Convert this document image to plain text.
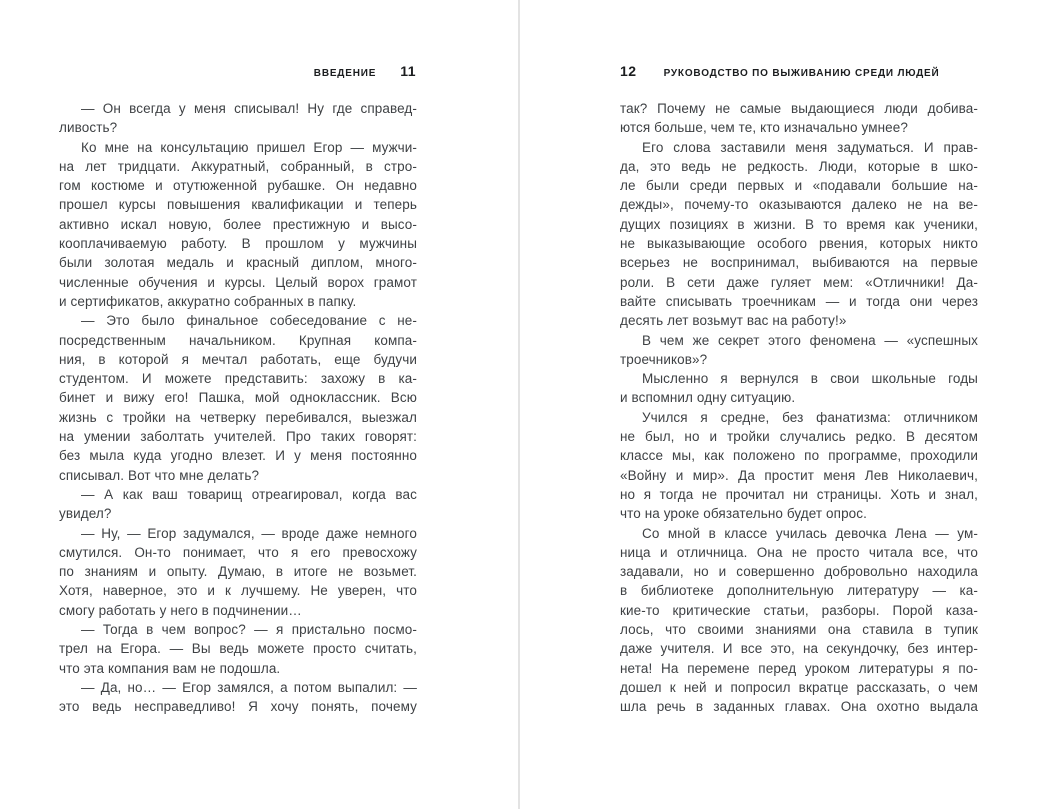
ВВЕДЕНИЕ 11
— Он всегда у меня списывал! Ну где справед-
ливость?
Ко мне на консультацию пришел Егор — мужчи-
на лет тридцати. Аккуратный, собранный, в стро-
гом костюме и отутюженной рубашке. Он недавно
прошел курсы повышения квалификации и теперь
активно искал новую, более престижную и высо-
кооплачиваемую работу. В прошлом у мужчины
были золотая медаль и красный диплом, много-
численные обучения и курсы. Целый ворох грамот
и сертификатов, аккуратно собранных в папку.
— Это было финальное собеседование с не-
посредственным начальником. Крупная компа-
ния, в которой я мечтал работать, еще будучи
студентом. И можете представить: захожу в ка-
бинет и вижу его! Пашка, мой одноклассник. Всю
жизнь с тройки на четверку перебивался, выезжал
на умении заболтать учителей. Про таких говорят:
без мыла куда угодно влезет. И у меня постоянно
списывал. Вот что мне делать?
— А как ваш товарищ отреагировал, когда вас
увидел?
— Ну, — Егор задумался, — вроде даже немного
смутился. Он-то понимает, что я его превосхожу
по знаниям и опыту. Думаю, в итоге не возьмет.
Хотя, наверное, это и к лучшему. Не уверен, что
смогу работать у него в подчинении…
— Тогда в чем вопрос? — я пристально посмо-
трел на Егора. — Вы ведь можете просто считать,
что эта компания вам не подошла.
— Да, но… — Егор замялся, а потом выпалил: —
это ведь несправедливо! Я хочу понять, почему
12	РУКОВОДСТВО ПО ВЫЖИВАНИЮ СРЕДИ ЛЮДЕЙ
так? Почему не самые выдающиеся люди добива-
ются больше, чем те, кто изначально умнее?
Его слова заставили меня задуматься. И прав-
да, это ведь не редкость. Люди, которые в шко-
ле были среди первых и «подавали большие на-
дежды», почему-то оказываются далеко не на ве-
дущих позициях в жизни. В то время как ученики,
не выказывающие особого рвения, которых никто
всерьез не воспринимал, выбиваются на первые
роли. В сети даже гуляет мем: «Отличники! Да-
вайте списывать троечникам — и тогда они через
десять лет возьмут вас на работу!»
В чем же секрет этого феномена — «успешных
троечников»?
Мысленно я вернулся в свои школьные годы
и вспомнил одну ситуацию.
Учился я средне, без фанатизма: отличником
не был, но и тройки случались редко. В десятом
классе мы, как положено по программе, проходили
«Войну и мир». Да простит меня Лев Николаевич,
но я тогда не прочитал ни страницы. Хоть и знал,
что на уроке обязательно будет опрос.
Со мной в классе училась девочка Лена — ум-
ница и отличница. Она не просто читала все, что
задавали, но и совершенно добровольно находила
в библиотеке дополнительную литературу — ка-
кие-то критические статьи, разборы. Порой каза-
лось, что своими знаниями она ставила в тупик
даже учителя. И все это, на секундочку, без интер-
нета! На перемене перед уроком литературы я по-
дошел к ней и попросил вкратце рассказать, о чем
шла речь в заданных главах. Она охотно выдала
